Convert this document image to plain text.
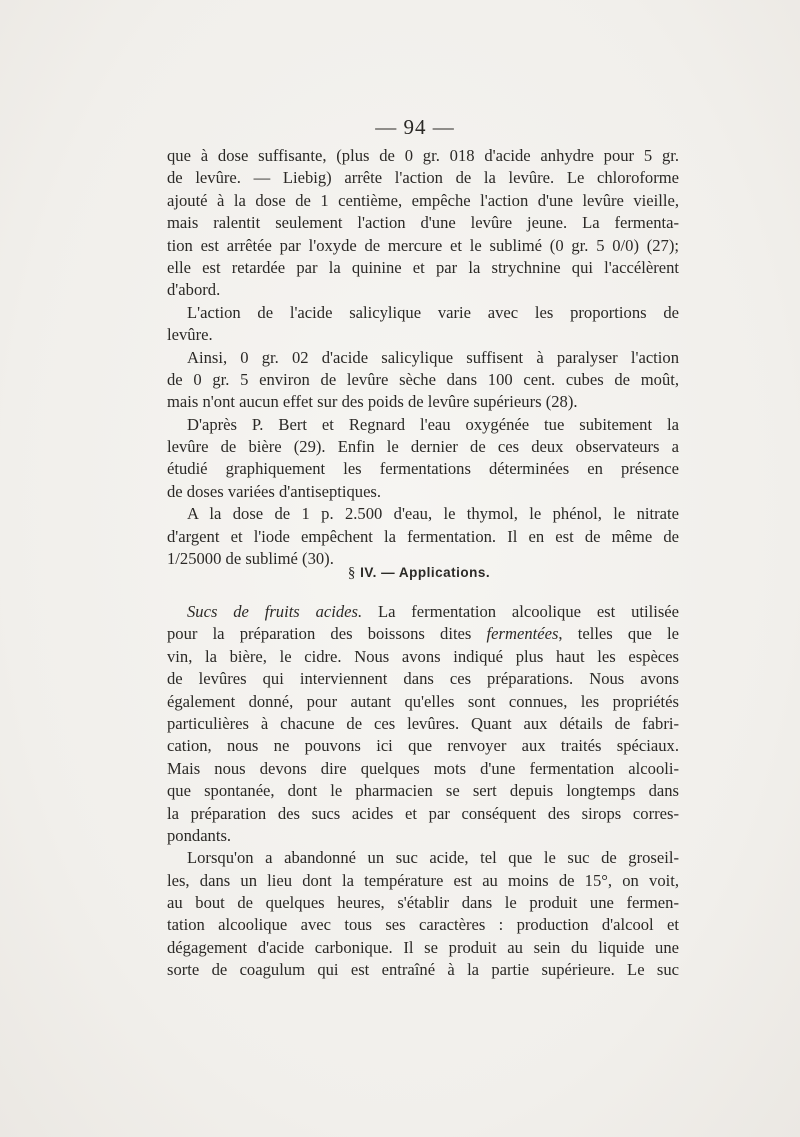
— 94 —
que à dose suffisante, (plus de 0 gr. 018 d'acide anhydre pour 5 gr.
de levûre. — Liebig) arrête l'action de la levûre. Le chloroforme
ajouté à la dose de 1 centième, empêche l'action d'une levûre vieille,
mais ralentit seulement l'action d'une levûre jeune. La fermenta-
tion est arrêtée par l'oxyde de mercure et le sublimé (0 gr. 5 0/0) (27);
elle est retardée par la quinine et par la strychnine qui l'accélèrent
d'abord.
L'action de l'acide salicylique varie avec les proportions de
levûre.
Ainsi, 0 gr. 02 d'acide salicylique suffisent à paralyser l'action
de 0 gr. 5 environ de levûre sèche dans 100 cent. cubes de moût,
mais n'ont aucun effet sur des poids de levûre supérieurs (28).
D'après P. Bert et Regnard l'eau oxygénée tue subitement la
levûre de bière (29). Enfin le dernier de ces deux observateurs a
étudié graphiquement les fermentations déterminées en présence
de doses variées d'antiseptiques.
A la dose de 1 p. 2.500 d'eau, le thymol, le phénol, le nitrate
d'argent et l'iode empêchent la fermentation. Il en est de même de
1/25000 de sublimé (30).
§ IV. — Applications.
Sucs de fruits acides. La fermentation alcoolique est utilisée
pour la préparation des boissons dites fermentées, telles que le
vin, la bière, le cidre. Nous avons indiqué plus haut les espèces
de levûres qui interviennent dans ces préparations. Nous avons
également donné, pour autant qu'elles sont connues, les propriétés
particulières à chacune de ces levûres. Quant aux détails de fabri-
cation, nous ne pouvons ici que renvoyer aux traités spéciaux.
Mais nous devons dire quelques mots d'une fermentation alcooli-
que spontanée, dont le pharmacien se sert depuis longtemps dans
la préparation des sucs acides et par conséquent des sirops corres-
pondants.
Lorsqu'on a abandonné un suc acide, tel que le suc de groseil-
les, dans un lieu dont la température est au moins de 15°, on voit,
au bout de quelques heures, s'établir dans le produit une fermen-
tation alcoolique avec tous ses caractères : production d'alcool et
dégagement d'acide carbonique. Il se produit au sein du liquide une
sorte de coagulum qui est entraîné à la partie supérieure. Le suc
